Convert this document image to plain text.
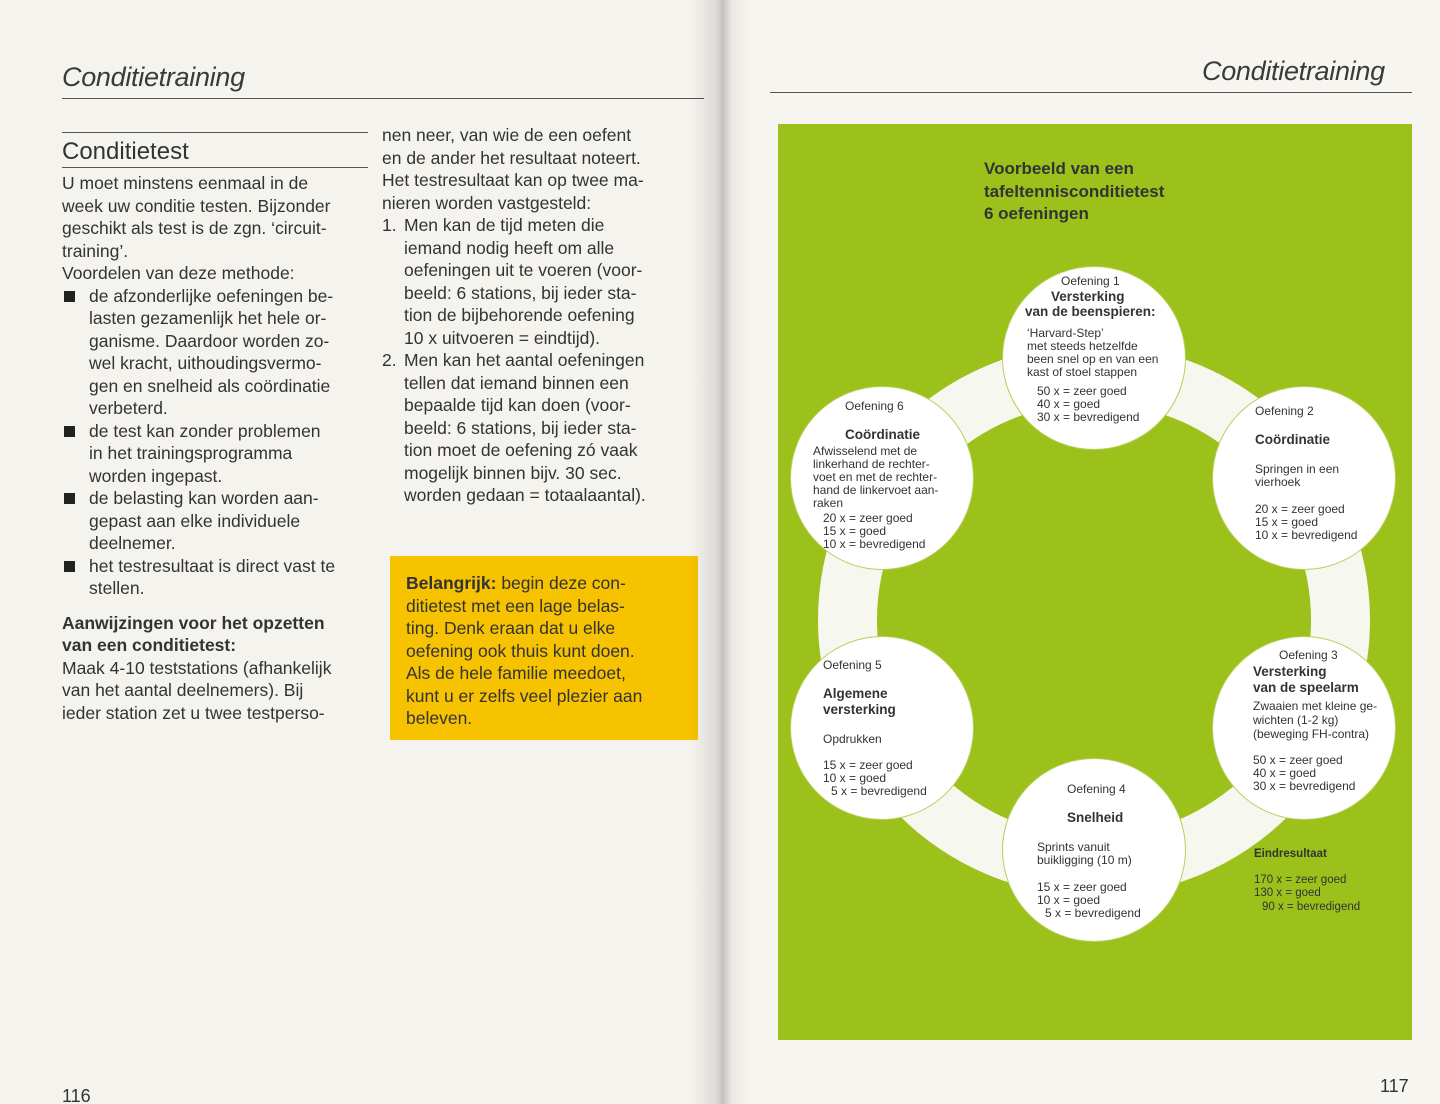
Conditietraining
Conditietest

U moet minstens eenmaal in de

week uw conditie testen. Bijzonder

geschikt als test is de zgn. ‘circuit-

training’.

Voordelen van deze methode:

de afzonderlijke oefeningen be-
lasten gezamenlijk het hele or-
ganisme. Daardoor worden zo-
wel kracht, uithoudingsvermo-
gen en snelheid als coördinatie
verbeterd.
de test kan zonder problemen
in het trainingsprogramma
worden ingepast.
de belasting kan worden aan-
gepast aan elke individuele
deelnemer.
het testresultaat is direct vast te
stellen.

Aanwijzingen voor het opzetten
van een conditietest:

Maak 4-10 teststations (afhankelijk

van het aantal deelnemers). Bij

ieder station zet u twee testperso-

nen neer, van wie de een oefent

en de ander het resultaat noteert.

Het testresultaat kan op twee ma-

nieren worden vastgesteld:

1. Men kan de tijd meten die
iemand nodig heeft om alle
oefeningen uit te voeren (voor-
beeld: 6 stations, bij ieder sta-
tion de bijbehorende oefening
10 x uitvoeren = eindtijd).
2. Men kan het aantal oefeningen
tellen dat iemand binnen een
bepaalde tijd kan doen (voor-
beeld: 6 stations, bij ieder sta-
tion moet de oefening zó vaak
mogelijk binnen bijv. 30 sec.
worden gedaan = totaalaantal).
Belangrijk: begin deze con-
ditietest met een lage belas-
ting. Denk eraan dat u elke
oefening ook thuis kunt doen.
Als de hele familie meedoet,
kunt u er zelfs veel plezier aan
beleven.
116
Conditietraining
Voorbeeld van een
tafeltennisconditietest
6 oefeningen
Oefening 1
Versterking
van de beenspieren:
‘Harvard-Step’
met steeds hetzelfde
been snel op en van een
kast of stoel stappen
50 x = zeer goed
40 x = goed
30 x = bevredigend	Oefening 2
Coördinatie
Springen in een
vierhoek
20 x = zeer goed
15 x = goed
10 x = bevredigend
Oefening 3
Versterking
van de speelarm
Zwaaien met kleine ge-
wichten (1-2 kg)
(beweging FH-contra)
50 x = zeer goed
40 x = goed
30 x = bevredigend
Oefening 4
Snelheid
Sprints vanuit
buikligging (10 m)
15 x = zeer goed
10 x = goed
5 x = bevredigend
Oefening 5
Algemene
versterking
Opdrukken
15 x = zeer goed
10 x = goed
5 x = bevredigend
Oefening 6
Coördinatie
Afwisselend met de
linkerhand de rechter-
voet en met de rechter-
hand de linkervoet aan-
raken
20 x = zeer goed
15 x = goed
10 x = bevredigend
Eindresultaat
170 x = zeer goed
130 x = goed
90 x = bevredigend
117
